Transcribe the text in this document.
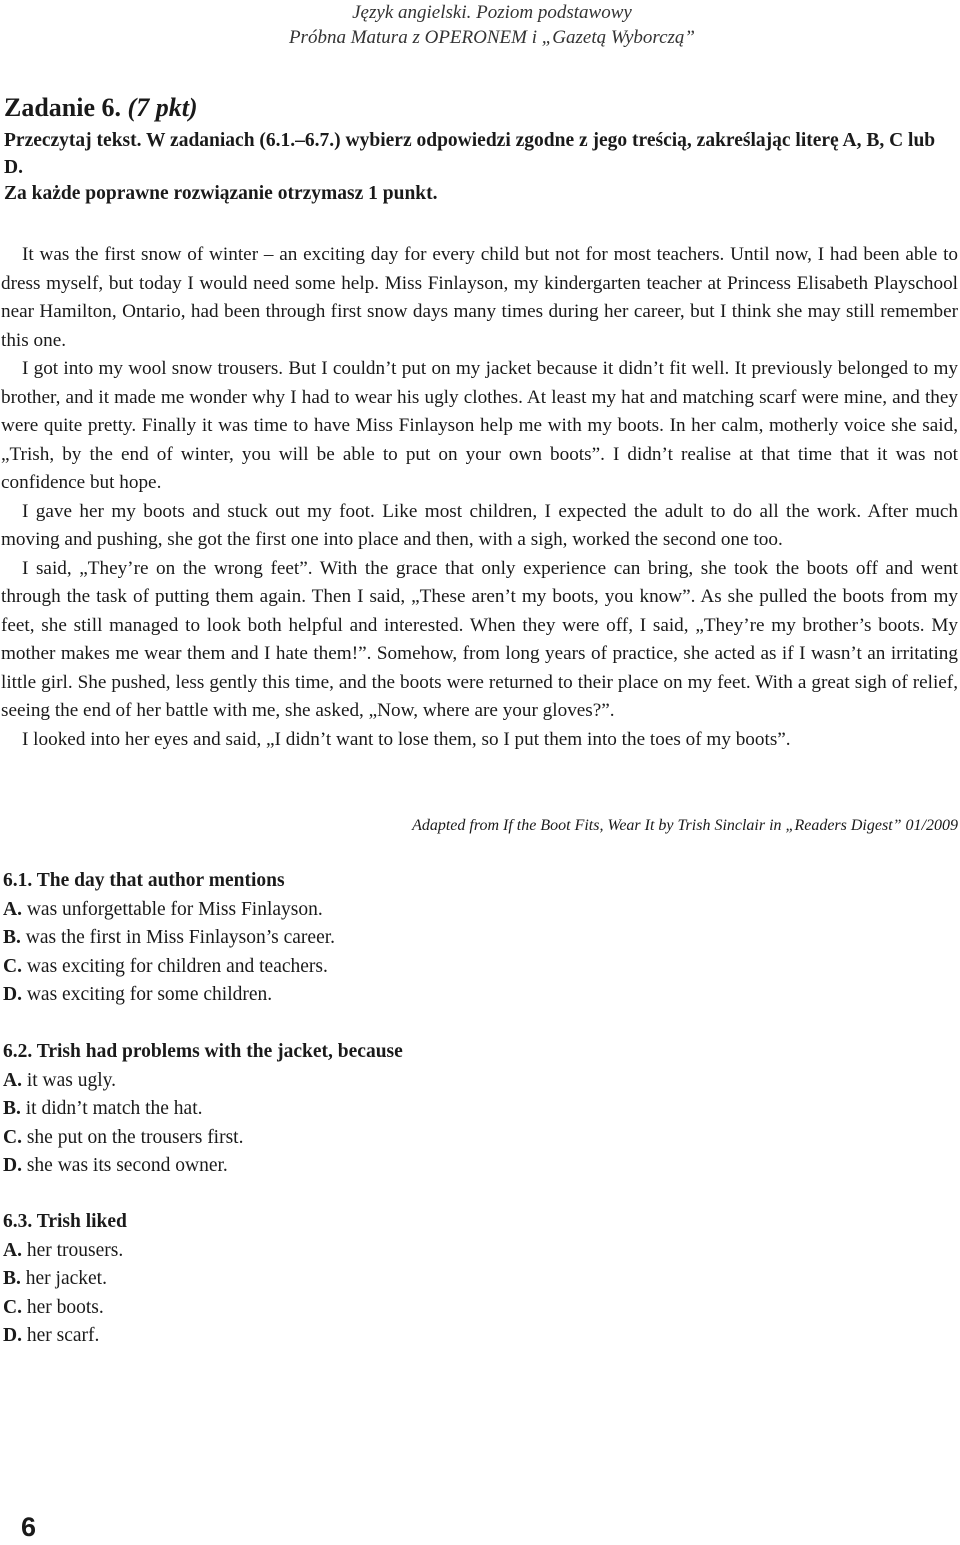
Język angielski. Poziom podstawowy
Próbna Matura z OPERONEM i „Gazetą Wyborczą”
Zadanie 6. (7 pkt)
Przeczytaj tekst. W zadaniach (6.1.–6.7.) wybierz odpowiedzi zgodne z jego treścią, zakreślając literę A, B, C lub D.
Za każde poprawne rozwiązanie otrzymasz 1 punkt.

It was the first snow of winter – an exciting day for every child but not for most teachers. Until now, I had been able to dress myself, but today I would need some help. Miss Finlayson, my kindergarten teacher at Princess Elisabeth Playschool near Hamilton, Ontario, had been through first snow days many times during her career, but I think she may still remember this one.

I got into my wool snow trousers. But I couldn’t put on my jacket because it didn’t fit well. It previously belonged to my brother, and it made me wonder why I had to wear his ugly clothes. At least my hat and matching scarf were mine, and they were quite pretty. Finally it was time to have Miss Finlayson help me with my boots. In her calm, motherly voice she said, „Trish, by the end of winter, you will be able to put on your own boots”. I didn’t realise at that time that it was not confidence but hope.

I gave her my boots and stuck out my foot. Like most children, I expected the adult to do all the work. After much moving and pushing, she got the first one into place and then, with a sigh, worked the second one too.

I said, „They’re on the wrong feet”. With the grace that only experience can bring, she took the boots off and went through the task of putting them again. Then I said, „These aren’t my boots, you know”. As she pulled the boots from my feet, she still managed to look both helpful and interested. When they were off, I said, „They’re my brother’s boots. My mother makes me wear them and I hate them!”. Somehow, from long years of practice, she acted as if I wasn’t an irritating little girl. She pushed, less gently this time, and the boots were returned to their place on my feet. With a great sigh of relief, seeing the end of her battle with me, she asked, „Now, where are your gloves?”.

I looked into her eyes and said, „I didn’t want to lose them, so I put them into the toes of my boots”.

Adapted from If the Boot Fits, Wear It by Trish Sinclair in „Readers Digest” 01/2009
6.1. The day that author mentions
A. was unforgettable for Miss Finlayson.
B. was the first in Miss Finlayson’s career.
C. was exciting for children and teachers.
D. was exciting for some children.
6.2. Trish had problems with the jacket, because
A. it was ugly.
B. it didn’t match the hat.
C. she put on the trousers first.
D. she was its second owner.
6.3. Trish liked
A. her trousers.
B. her jacket.
C. her boots.
D. her scarf.
6
